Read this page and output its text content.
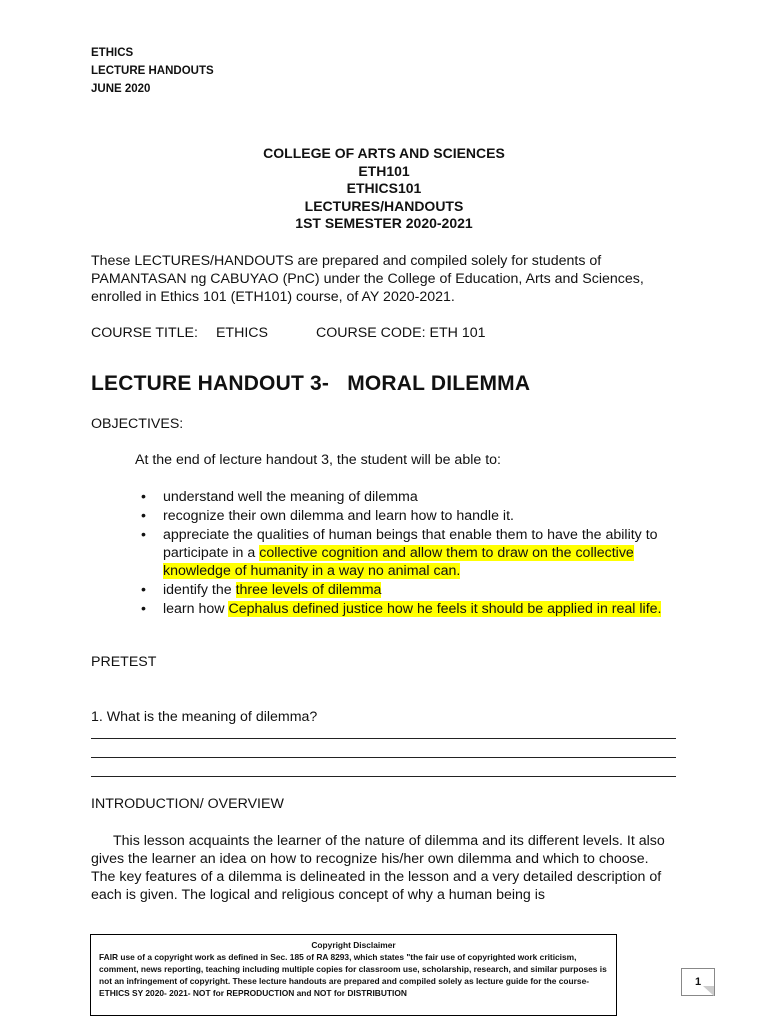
ETHICS
LECTURE HANDOUTS
JUNE 2020
COLLEGE OF ARTS AND SCIENCES
ETH101
ETHICS101
LECTURES/HANDOUTS
1ST SEMESTER 2020-2021
These LECTURES/HANDOUTS are prepared and compiled solely for students of PAMANTASAN ng CABUYAO (PnC) under the College of Education, Arts and Sciences, enrolled in Ethics 101 (ETH101) course, of AY 2020-2021.
COURSE TITLE: ETHICS	COURSE CODE: ETH 101
LECTURE HANDOUT 3-   MORAL DILEMMA
OBJECTIVES:
At the end of lecture handout 3, the student will be able to:
• understand well the meaning of dilemma
• recognize their own dilemma and learn how to handle it.
• appreciate the qualities of human beings that enable them to have the ability to participate in a collective cognition and allow them to draw on the collective knowledge of humanity in a way no animal can.
• identify the three levels of dilemma
• learn how Cephalus defined justice how he feels it should be applied in real life.
PRETEST
1. What is the meaning of dilemma?
INTRODUCTION/ OVERVIEW
This lesson acquaints the learner of the nature of dilemma and its different levels. It also gives the learner an idea on how to recognize his/her own dilemma and which to choose. The key features of a dilemma is delineated in the lesson and a very detailed description of each is given. The logical and religious concept of why a human being is
Copyright Disclaimer
FAIR use of a copyright work as defined in Sec. 185 of RA 8293, which states "the fair use of copyrighted work criticism, comment, news reporting, teaching including multiple copies for classroom use, scholarship, research, and similar purposes is not an infringement of copyright. These lecture handouts are prepared and compiled solely as lecture guide for the course- ETHICS SY 2020- 2021- NOT for REPRODUCTION and NOT for DISTRIBUTION
1
